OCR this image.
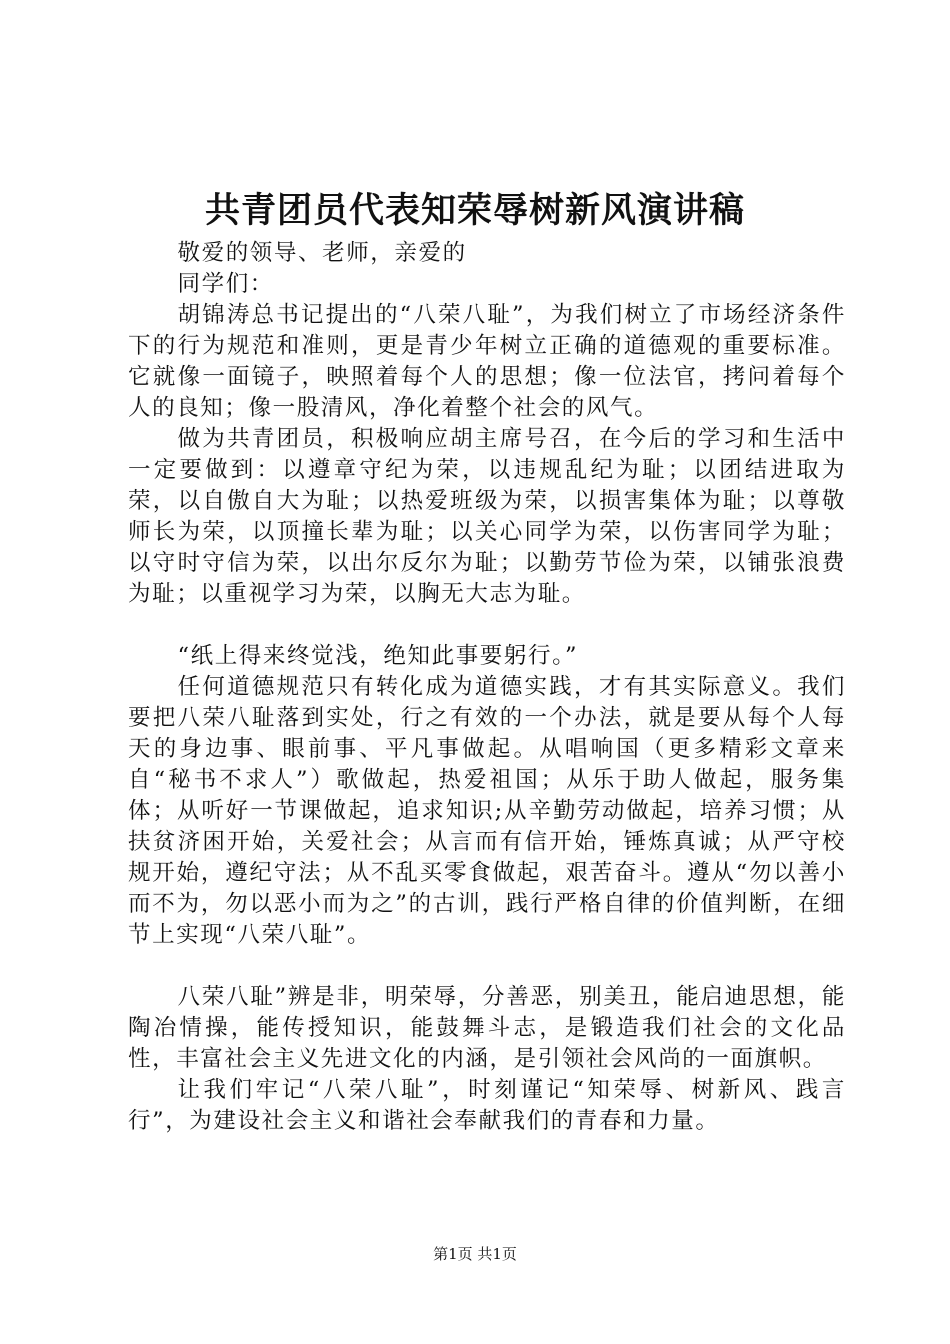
共青团员代表知荣辱树新风演讲稿

敬爱的领导、老师，亲爱的

同学们：

胡锦涛总书记提出的“八荣八耻”，为我们树立了市场经济条件下的行为规范和准则，更是青少年树立正确的道德观的重要标准。它就像一面镜子，映照着每个人的思想；像一位法官，拷问着每个人的良知；像一股清风，净化着整个社会的风气。

做为共青团员，积极响应胡主席号召，在今后的学习和生活中一定要做到：以遵章守纪为荣，以违规乱纪为耻；以团结进取为荣，以自傲自大为耻；以热爱班级为荣，以损害集体为耻；以尊敬师长为荣，以顶撞长辈为耻；以关心同学为荣，以伤害同学为耻；以守时守信为荣，以出尔反尔为耻；以勤劳节俭为荣，以铺张浪费为耻；以重视学习为荣，以胸无大志为耻。

“纸上得来终觉浅，绝知此事要躬行。”

任何道德规范只有转化成为道德实践，才有其实际意义。我们要把八荣八耻落到实处，行之有效的一个办法，就是要从每个人每天的身边事、眼前事、平凡事做起。从唱响国（更多精彩文章来自“秘书不求人”）歌做起，热爱祖国；从乐于助人做起，服务集体；从听好一节课做起，追求知识;从辛勤劳动做起，培养习惯；从扶贫济困开始，关爱社会；从言而有信开始，锤炼真诚；从严守校规开始，遵纪守法；从不乱买零食做起，艰苦奋斗。遵从“勿以善小而不为，勿以恶小而为之”的古训，践行严格自律的价值判断，在细节上实现“八荣八耻”。

八荣八耻”辨是非，明荣辱，分善恶，别美丑，能启迪思想，能陶冶情操，能传授知识，能鼓舞斗志，是锻造我们社会的文化品性，丰富社会主义先进文化的内涵，是引领社会风尚的一面旗帜。

让我们牢记“八荣八耻”，时刻谨记“知荣辱、树新风、践言行”，为建设社会主义和谐社会奉献我们的青春和力量。

第1页 共1页
